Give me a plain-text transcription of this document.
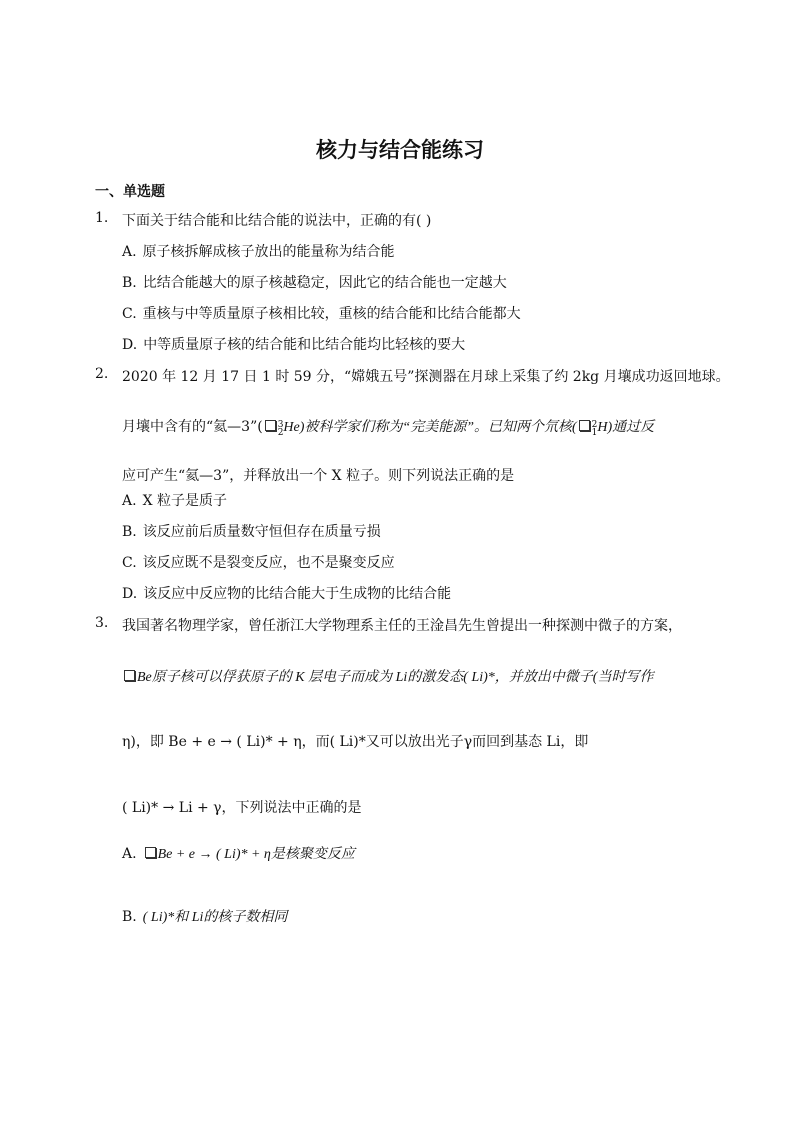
核力与结合能练习
一、单选题
1. 下面关于结合能和比结合能的说法中，正确的有( )
A. 原子核拆解成核子放出的能量称为结合能
B. 比结合能越大的原子核越稳定，因此它的结合能也一定越大
C. 重核与中等质量原子核相比较，重核的结合能和比结合能都大
D. 中等质量原子核的结合能和比结合能均比轻核的要大
2. 2020 年 12 月 17 日 1 时 59 分，“嫦娥五号”探测器在月球上采集了约 2kg 月壤成功返回地球。
月壤中含有的“氦—3”( 3
2 He)被科学家们称为“完美能源”。已知两个氘核( 2
1 H)通过反
应可产生“氦—3”，并释放出一个 X 粒子。则下列说法正确的是
A. X 粒子是质子
B. 该反应前后质量数守恒但存在质量亏损
C. 该反应既不是裂变反应，也不是聚变反应
D. 该反应中反应物的比结合能大于生成物的比结合能
3. 我国著名物理学家，曾任浙江大学物理系主任的王淦昌先生曾提出一种探测中微子的方案，
Be原子核可以俘获原子的 K 层电子而成为 Li的激发态( Li)*，并放出中微子(当时写作
η)，即 Be + e → ( Li)* + η，而( Li)*又可以放出光子γ而回到基态 Li，即
( Li)* → Li + γ，下列说法中正确的是
A. Be + e → ( Li)* + η是核聚变反应
B. ( Li)*和 Li的核子数相同
